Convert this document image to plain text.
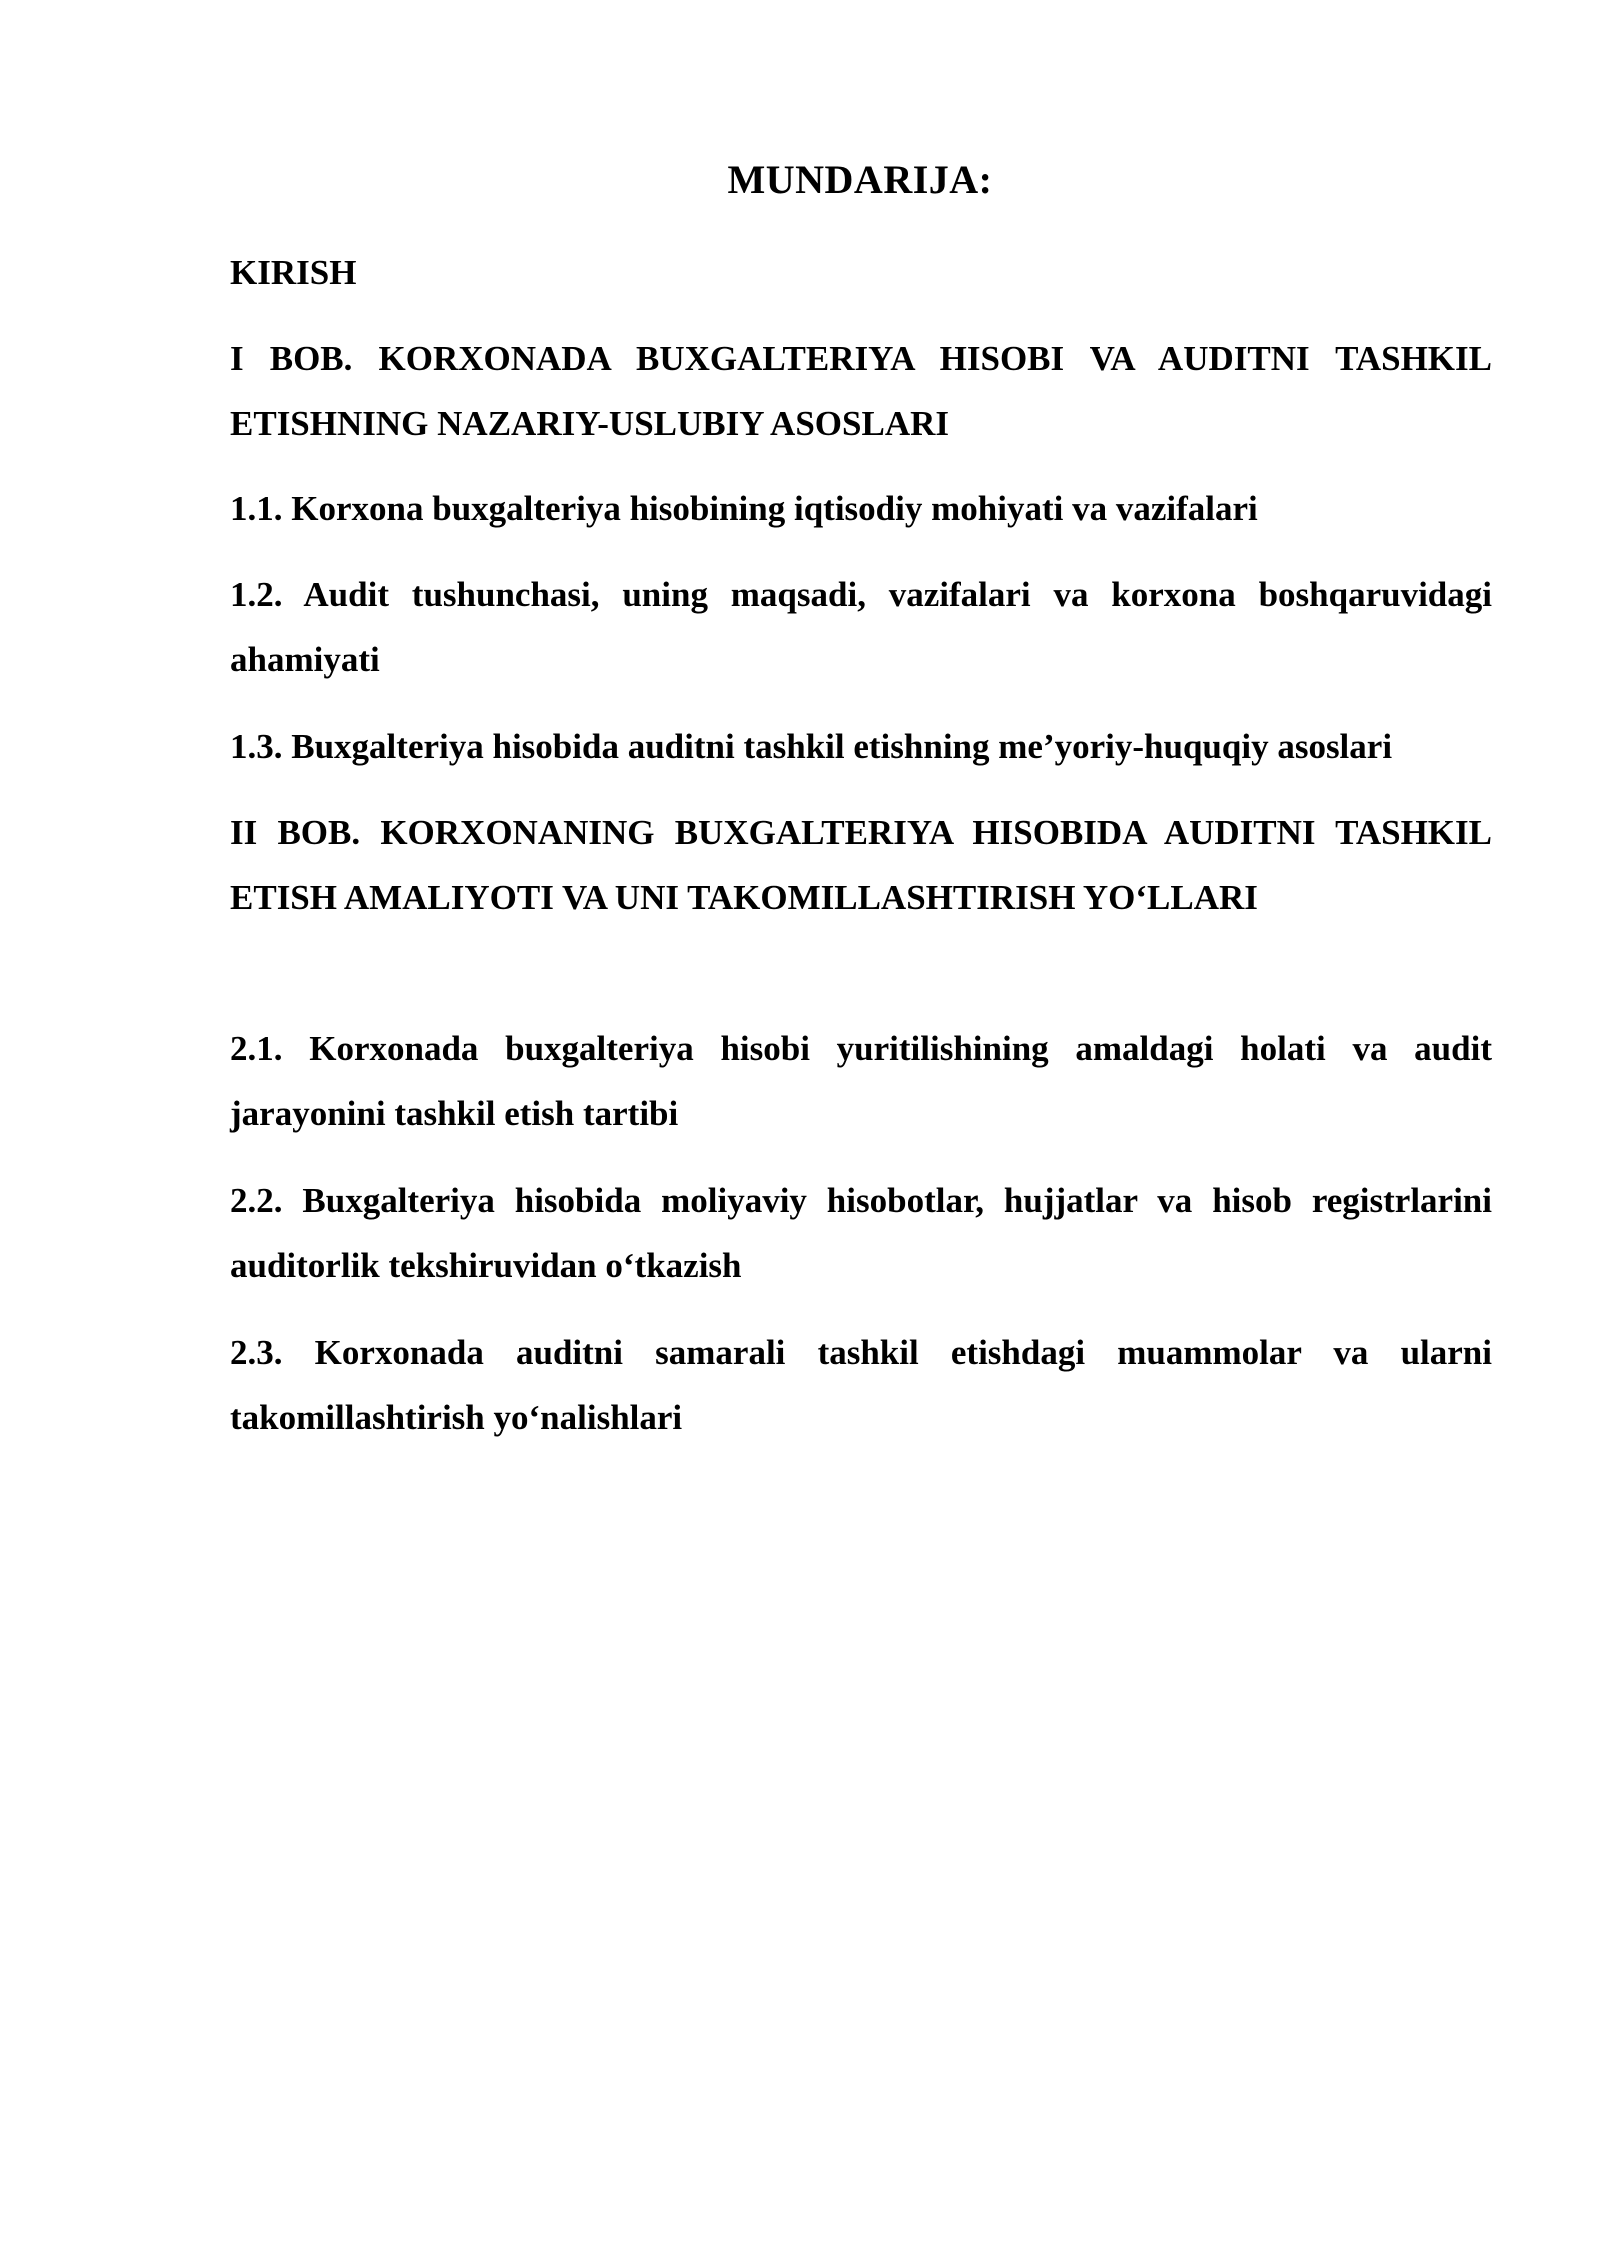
MUNDARIJA:
KIRISH
I BOB. KORXONADA BUXGALTERIYA HISOBI VA AUDITNI TASHKIL ETISHNING NAZARIY-USLUBIY ASOSLARI
1.1. Korxona buxgalteriya hisobining iqtisodiy mohiyati va vazifalari
1.2. Audit tushunchasi, uning maqsadi, vazifalari va korxona boshqaruvidagi ahamiyati
1.3. Buxgalteriya hisobida auditni tashkil etishning me’yoriy-huquqiy asoslari
II BOB. KORXONANING BUXGALTERIYA HISOBIDA AUDITNI TASHKIL ETISH AMALIYOTI VA UNI TAKOMILLASHTIRISH YO‘LLARI
2.1. Korxonada buxgalteriya hisobi yuritilishining amaldagi holati va audit jarayonini tashkil etish tartibi
2.2. Buxgalteriya hisobida moliyaviy hisobotlar, hujjatlar va hisob registrlarini auditorlik tekshiruvidan o‘tkazish
2.3. Korxonada auditni samarali tashkil etishdagi muammolar va ularni takomillashtirish yo‘nalishlari
